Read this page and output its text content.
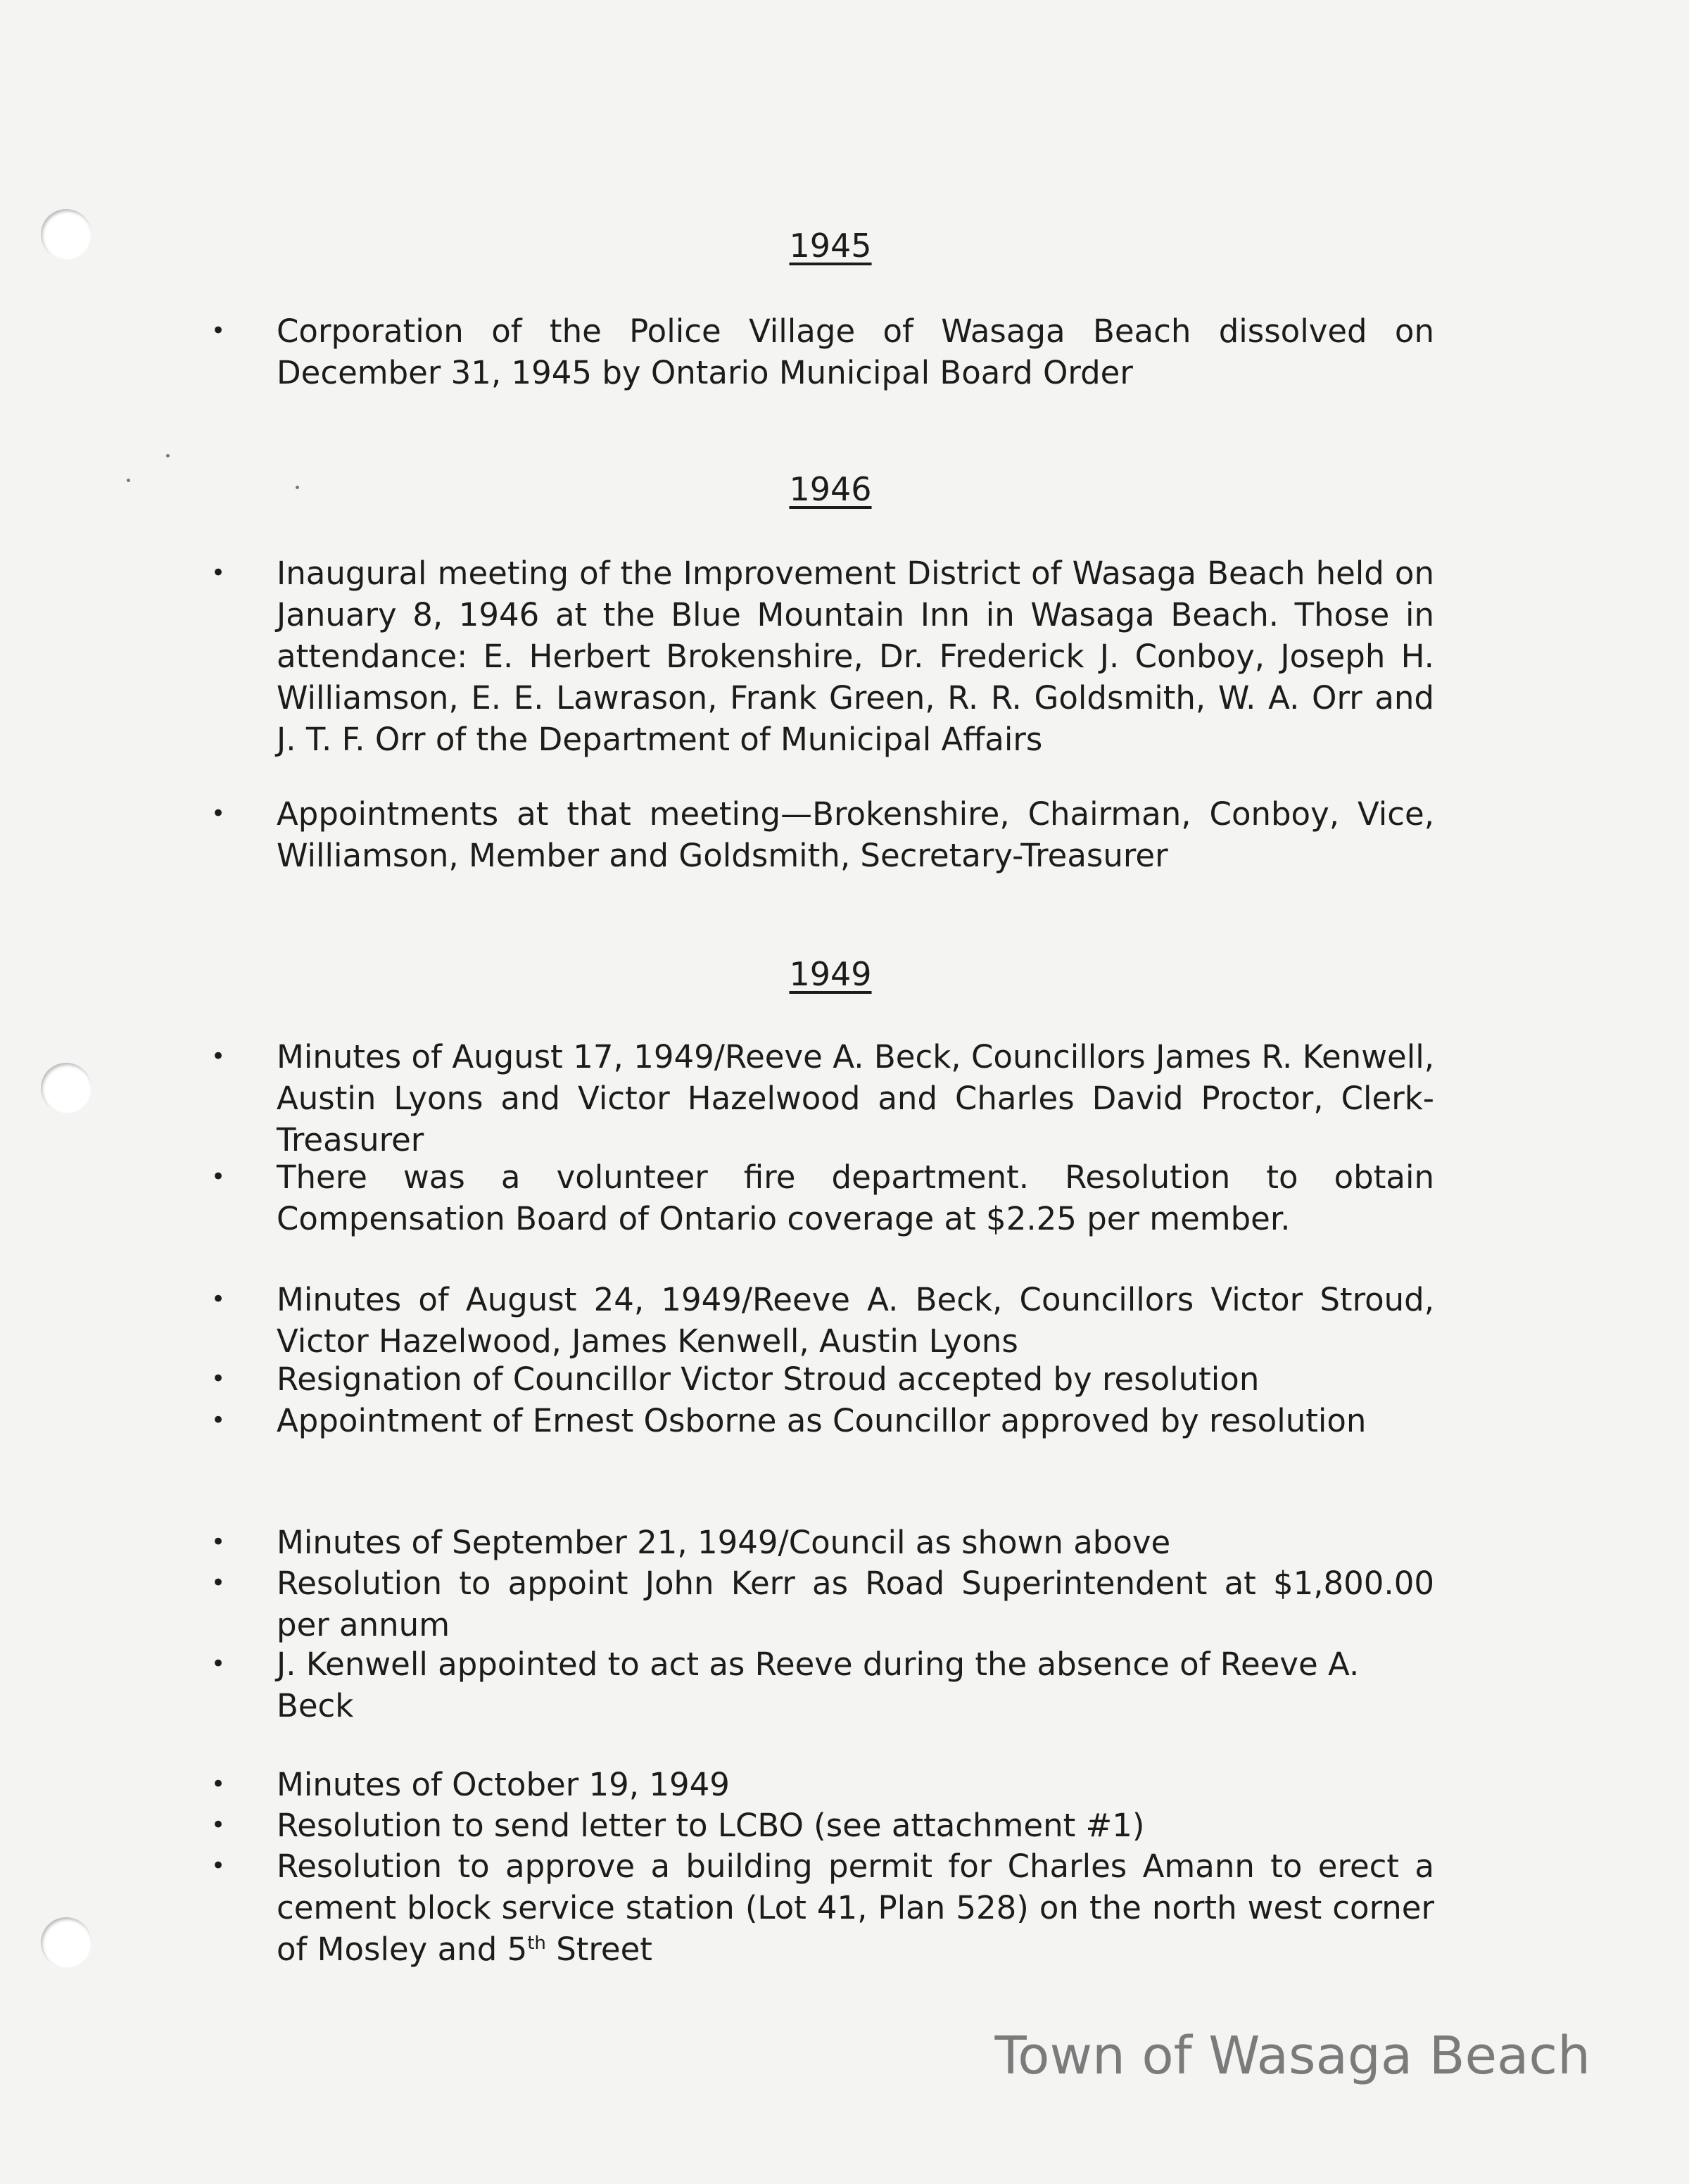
1945
•	Corporation of the Police Village of Wasaga Beach dissolved on December 31, 1945 by Ontario Municipal Board Order
1946
•	Inaugural meeting of the Improvement District of Wasaga Beach held on January 8, 1946 at the Blue Mountain Inn in Wasaga Beach. Those in attendance: E. Herbert Brokenshire, Dr. Frederick J. Conboy, Joseph H. Williamson, E. E. Lawrason, Frank Green, R. R. Goldsmith, W. A. Orr and J. T. F. Orr of the Department of Municipal Affairs
•	Appointments at that meeting—Brokenshire, Chairman, Conboy, Vice, Williamson, Member and Goldsmith, Secretary-Treasurer
1949
•	Minutes of August 17, 1949/Reeve A. Beck, Councillors James R. Kenwell, Austin Lyons and Victor Hazelwood and Charles David Proctor, Clerk-Treasurer
•	There was a volunteer fire department. Resolution to obtain Compensation Board of Ontario coverage at $2.25 per member.
•	Minutes of August 24, 1949/Reeve A. Beck, Councillors Victor Stroud, Victor Hazelwood, James Kenwell, Austin Lyons
•	Resignation of Councillor Victor Stroud accepted by resolution
•	Appointment of Ernest Osborne as Councillor approved by resolution
•	Minutes of September 21, 1949/Council as shown above
•	Resolution to appoint John Kerr as Road Superintendent at $1,800.00 per annum
•	J. Kenwell appointed to act as Reeve during the absence of Reeve A. Beck
•	Minutes of October 19, 1949
•	Resolution to send letter to LCBO (see attachment #1)
•	Resolution to approve a building permit for Charles Amann to erect a cement block service station (Lot 41, Plan 528) on the north west corner of Mosley and 5th Street
Town of Wasaga Beach
